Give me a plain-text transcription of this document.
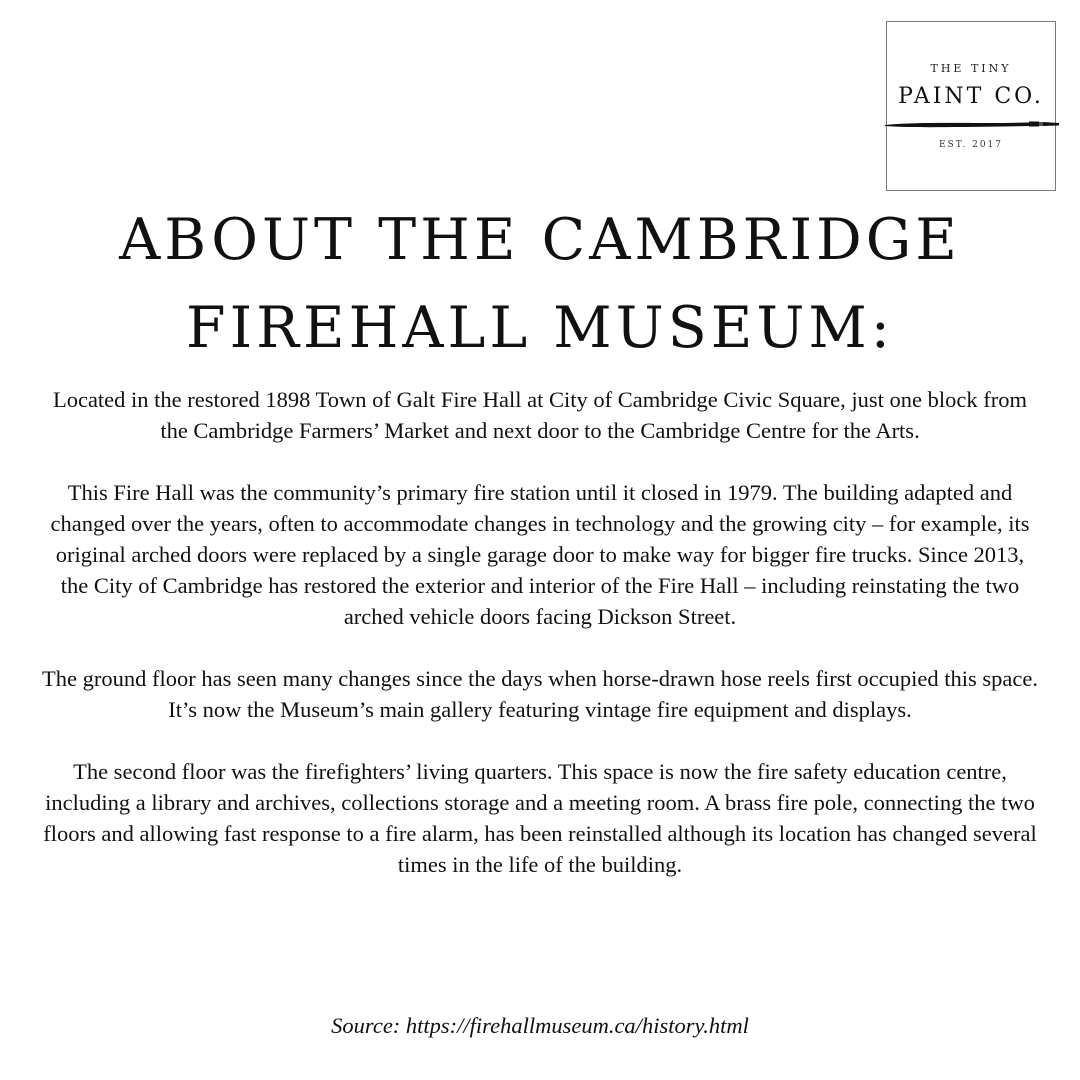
THE TINY
PAINT CO.
EST. 2017
ABOUT THE CAMBRIDGE
FIREHALL MUSEUM:

Located in the restored 1898 Town of Galt Fire Hall at City of Cambridge Civic Square, just one block from the Cambridge Farmers’ Market and next door to the Cambridge Centre for the Arts.

This Fire Hall was the community’s primary fire station until it closed in 1979. The building adapted and changed over the years, often to accommodate changes in technology and the growing city – for example, its original arched doors were replaced by a single garage door to make way for bigger fire trucks. Since 2013, the City of Cambridge has restored the exterior and interior of the Fire Hall – including reinstating the two arched vehicle doors facing Dickson Street.

The ground floor has seen many changes since the days when horse-drawn hose reels first occupied this space. It’s now the Museum’s main gallery featuring vintage fire equipment and displays.

The second floor was the firefighters’ living quarters. This space is now the fire safety education centre, including a library and archives, collections storage and a meeting room. A brass fire pole, connecting the two floors and allowing fast response to a fire alarm, has been reinstalled although its location has changed several times in the life of the building.

Source: https://firehallmuseum.ca/history.html
